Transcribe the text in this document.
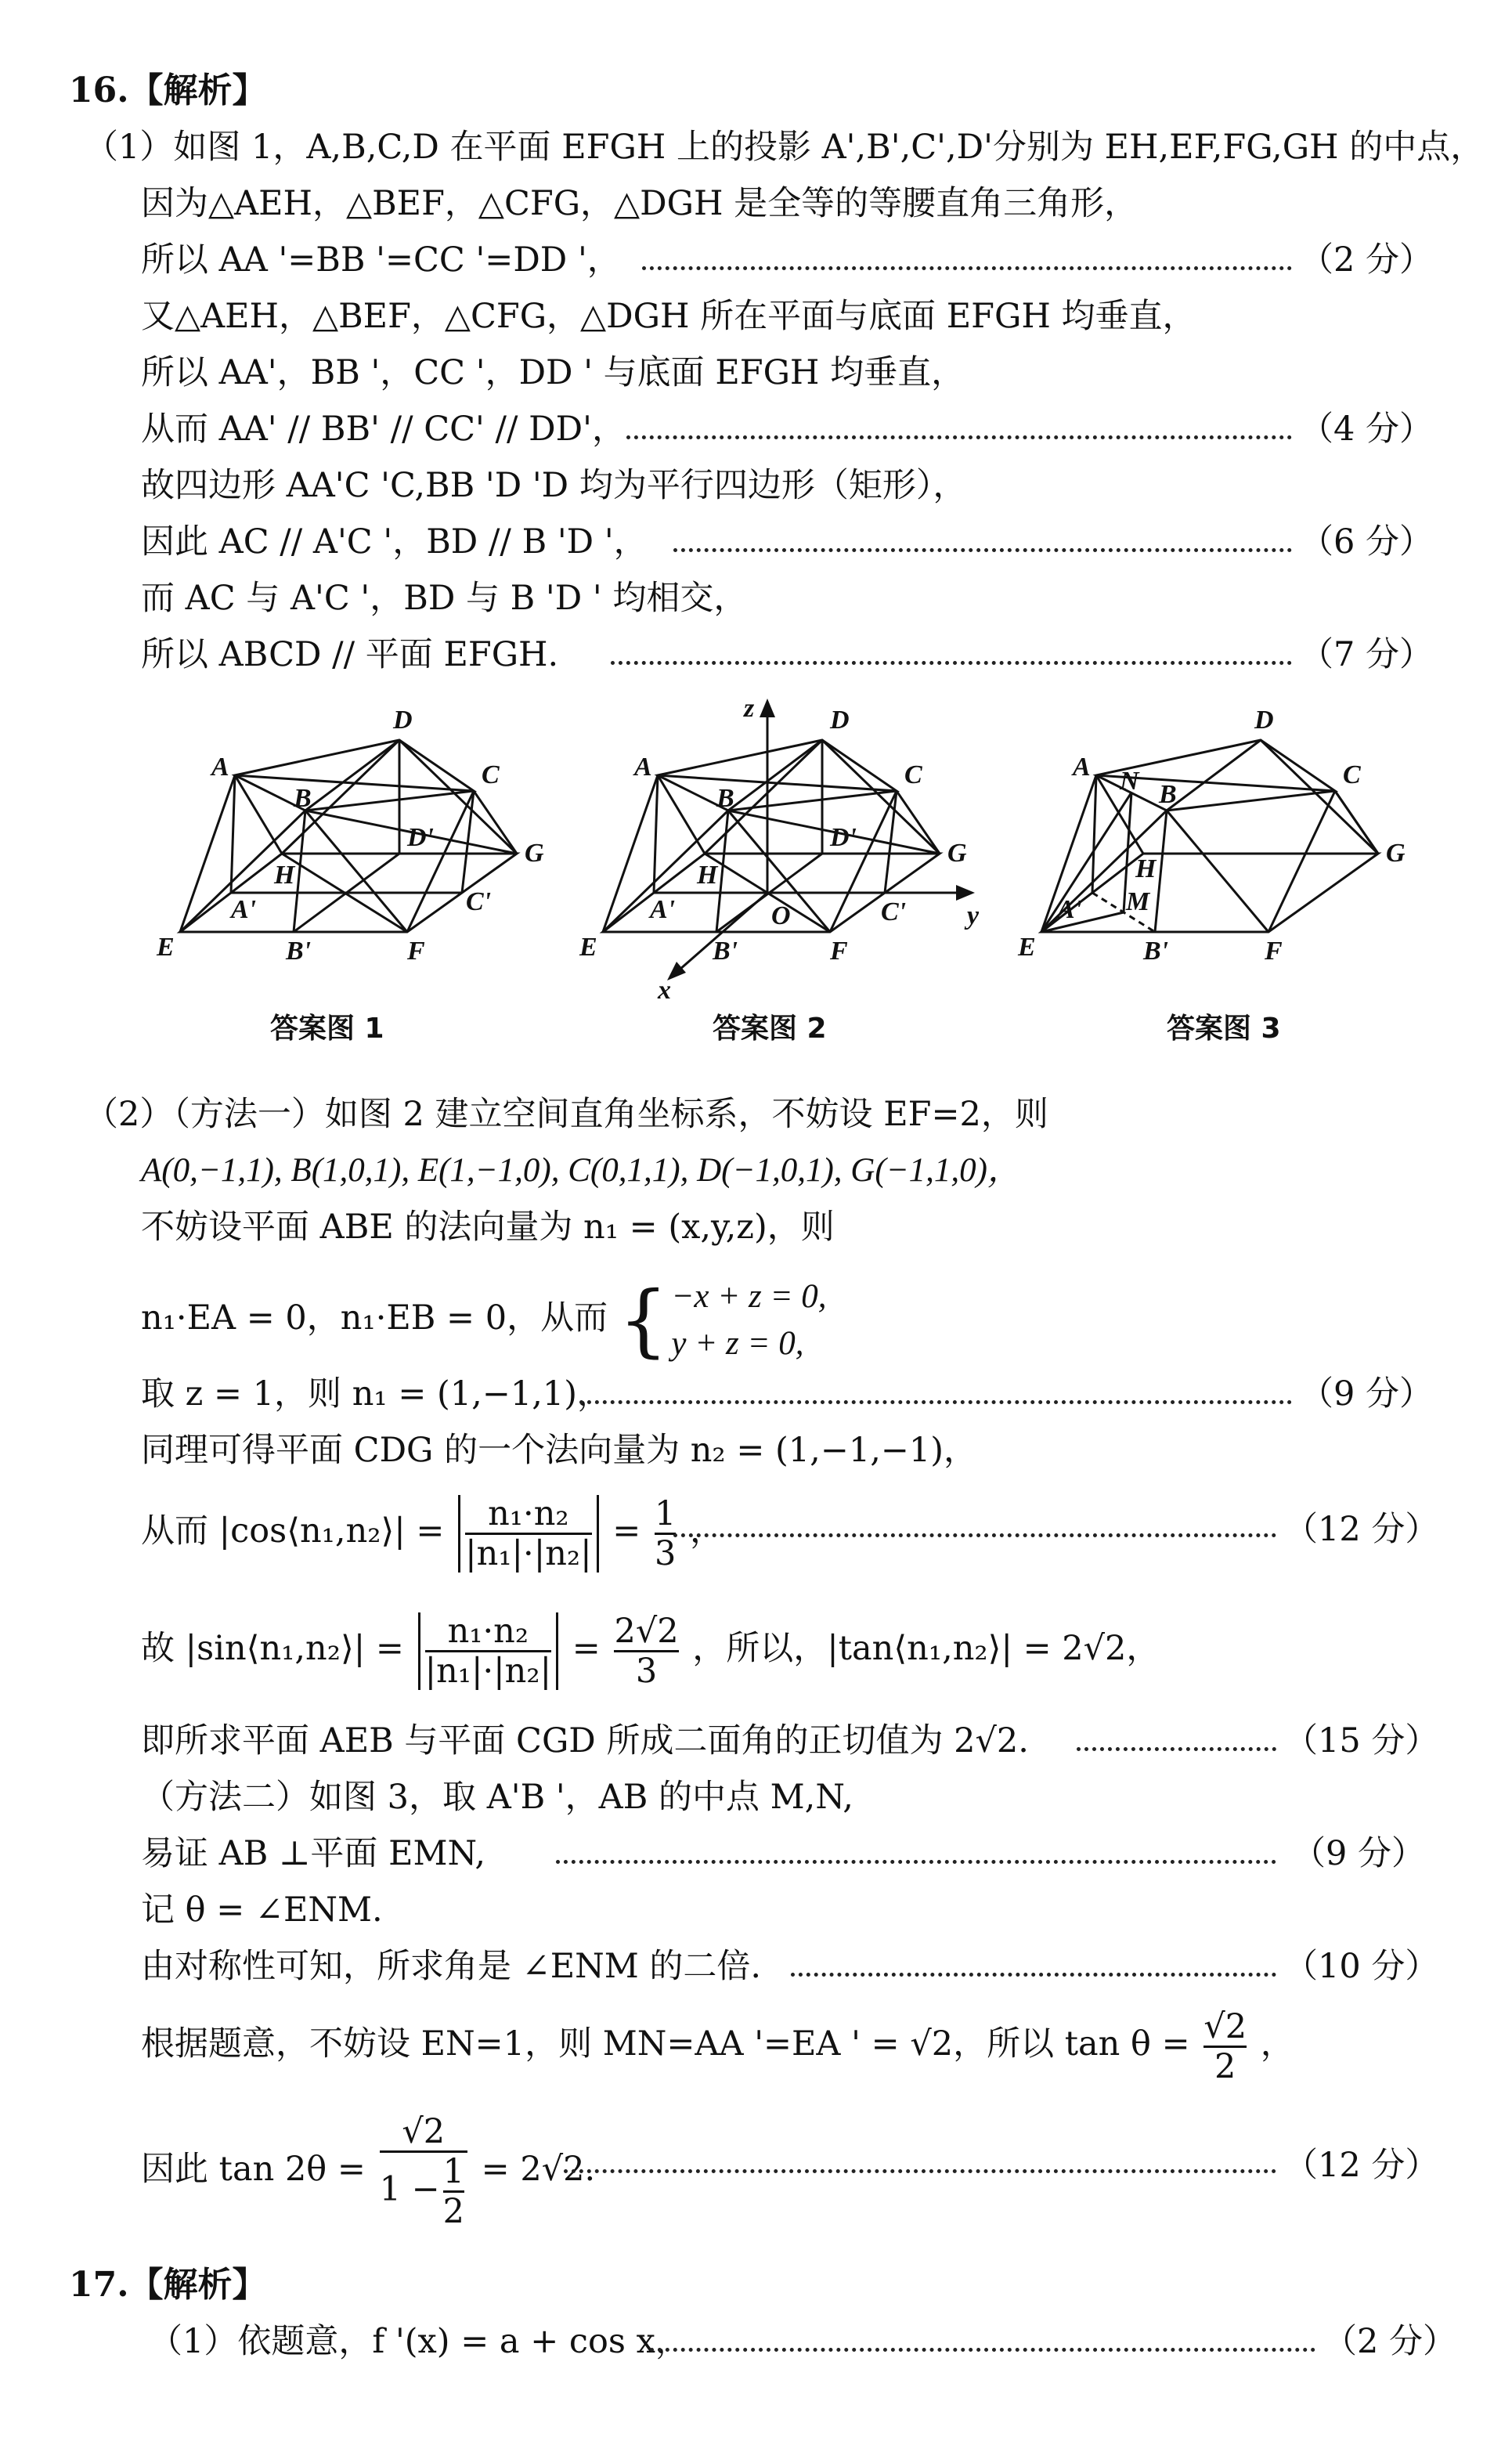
16.【解析】
（1）如图 1，A,B,C,D 在平面 EFGH 上的投影 A',B',C',D'分别为 EH,EF,FG,GH 的中点，
因为△AEH，△BEF，△CFG，△DGH 是全等的等腰直角三角形，
所以 AA '=BB '=CC '=DD '，	（2 分）
又△AEH，△BEF，△CFG，△DGH 所在平面与底面 EFGH 均垂直，
所以 AA'，BB '，CC '，DD ' 与底面 EFGH 均垂直，
从而 AA' // BB' // CC' // DD'，	（4 分）
故四边形 AA'C 'C,BB 'D 'D 均为平行四边形（矩形），
因此 AC // A'C '，BD // B 'D '，	（6 分）
而 AC 与 A'C '，BD 与 B 'D ' 均相交，
所以 ABCD // 平面 EFGH.	（7 分）
A
B
C
D
E	F
G
H
A'
B'
C'
D'
答案图 1
A
B
C
D
E	F
G
H
A'
B'
C'
D'
O
z
y
x
答案图 2
A
B
C
D
E	F
G
H
A'
B'
M
N
答案图 3
（2）（方法一）如图 2 建立空间直角坐标系，不妨设 EF=2，则
A(0,−1,1), B(1,0,1), E(1,−1,0), C(0,1,1), D(−1,0,1), G(−1,1,0)，
不妨设平面 ABE 的法向量为 n₁ = (x,y,z)，则
n₁·EA = 0，n₁·EB = 0，从而 { −x + z = 0,
y + z = 0,
取 z = 1，则 n₁ = (1,−1,1)，	（9 分）
同理可得平面 CDG 的一个法向量为 n₂ = (1,−1,−1)，
从而 |cos⟨n₁,n₂⟩| = $\frac{\text{n₁·n₂}}{\text{|n₁|·|n₂|}} = \frac{1}{3}$ ，	（12 分）
故 |sin⟨n₁,n₂⟩| = $\frac{\text{n₁·n₂}}{\text{|n₁|·|n₂|}} = \frac{2√2}{3}$ ，所以，|tan⟨n₁,n₂⟩| = 2√2，
即所求平面 AEB 与平面 CGD 所成二面角的正切值为 2√2.	（15 分）
（方法二）如图 3，取 A'B '，AB 的中点 M,N,
易证 AB ⊥平面 EMN,	（9 分）
记 θ = ∠ENM.
由对称性可知，所求角是 ∠ENM 的二倍.	（10 分）
根据题意，不妨设 EN=1，则 MN=AA '=EA ' = √2，所以 $\tan \theta = \frac{√2}{2}$ ，
因此 $\tan 2\theta = \frac{√2}{1 - \frac{1}{2}} = 2√2$.	（12 分）
17.【解析】
（1）依题意，f '(x) = a + cos x，	（2 分）
